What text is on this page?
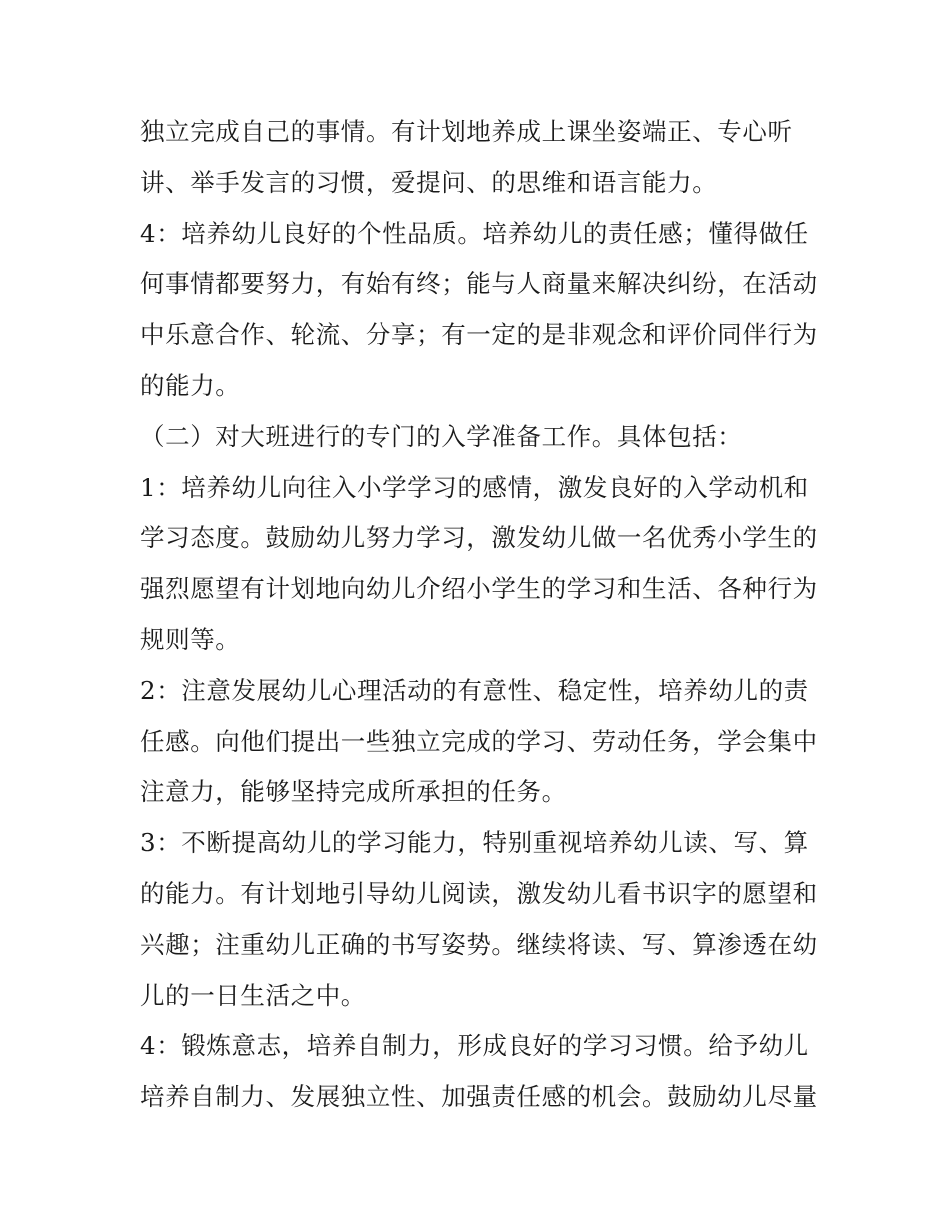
独立完成自己的事情。有计划地养成上课坐姿端正、专心听

讲、举手发言的习惯，爱提问、的思维和语言能力。

4：培养幼儿良好的个性品质。培养幼儿的责任感；懂得做任

何事情都要努力，有始有终；能与人商量来解决纠纷，在活动

中乐意合作、轮流、分享；有一定的是非观念和评价同伴行为

的能力。

（二）对大班进行的专门的入学准备工作。具体包括：

1：培养幼儿向往入小学学习的感情，激发良好的入学动机和

学习态度。鼓励幼儿努力学习，激发幼儿做一名优秀小学生的

强烈愿望有计划地向幼儿介绍小学生的学习和生活、各种行为

规则等。

2：注意发展幼儿心理活动的有意性、稳定性，培养幼儿的责

任感。向他们提出一些独立完成的学习、劳动任务，学会集中

注意力，能够坚持完成所承担的任务。

3：不断提高幼儿的学习能力，特别重视培养幼儿读、写、算

的能力。有计划地引导幼儿阅读，激发幼儿看书识字的愿望和

兴趣；注重幼儿正确的书写姿势。继续将读、写、算渗透在幼

儿的一日生活之中。

4：锻炼意志，培养自制力，形成良好的学习习惯。给予幼儿

培养自制力、发展独立性、加强责任感的机会。鼓励幼儿尽量
